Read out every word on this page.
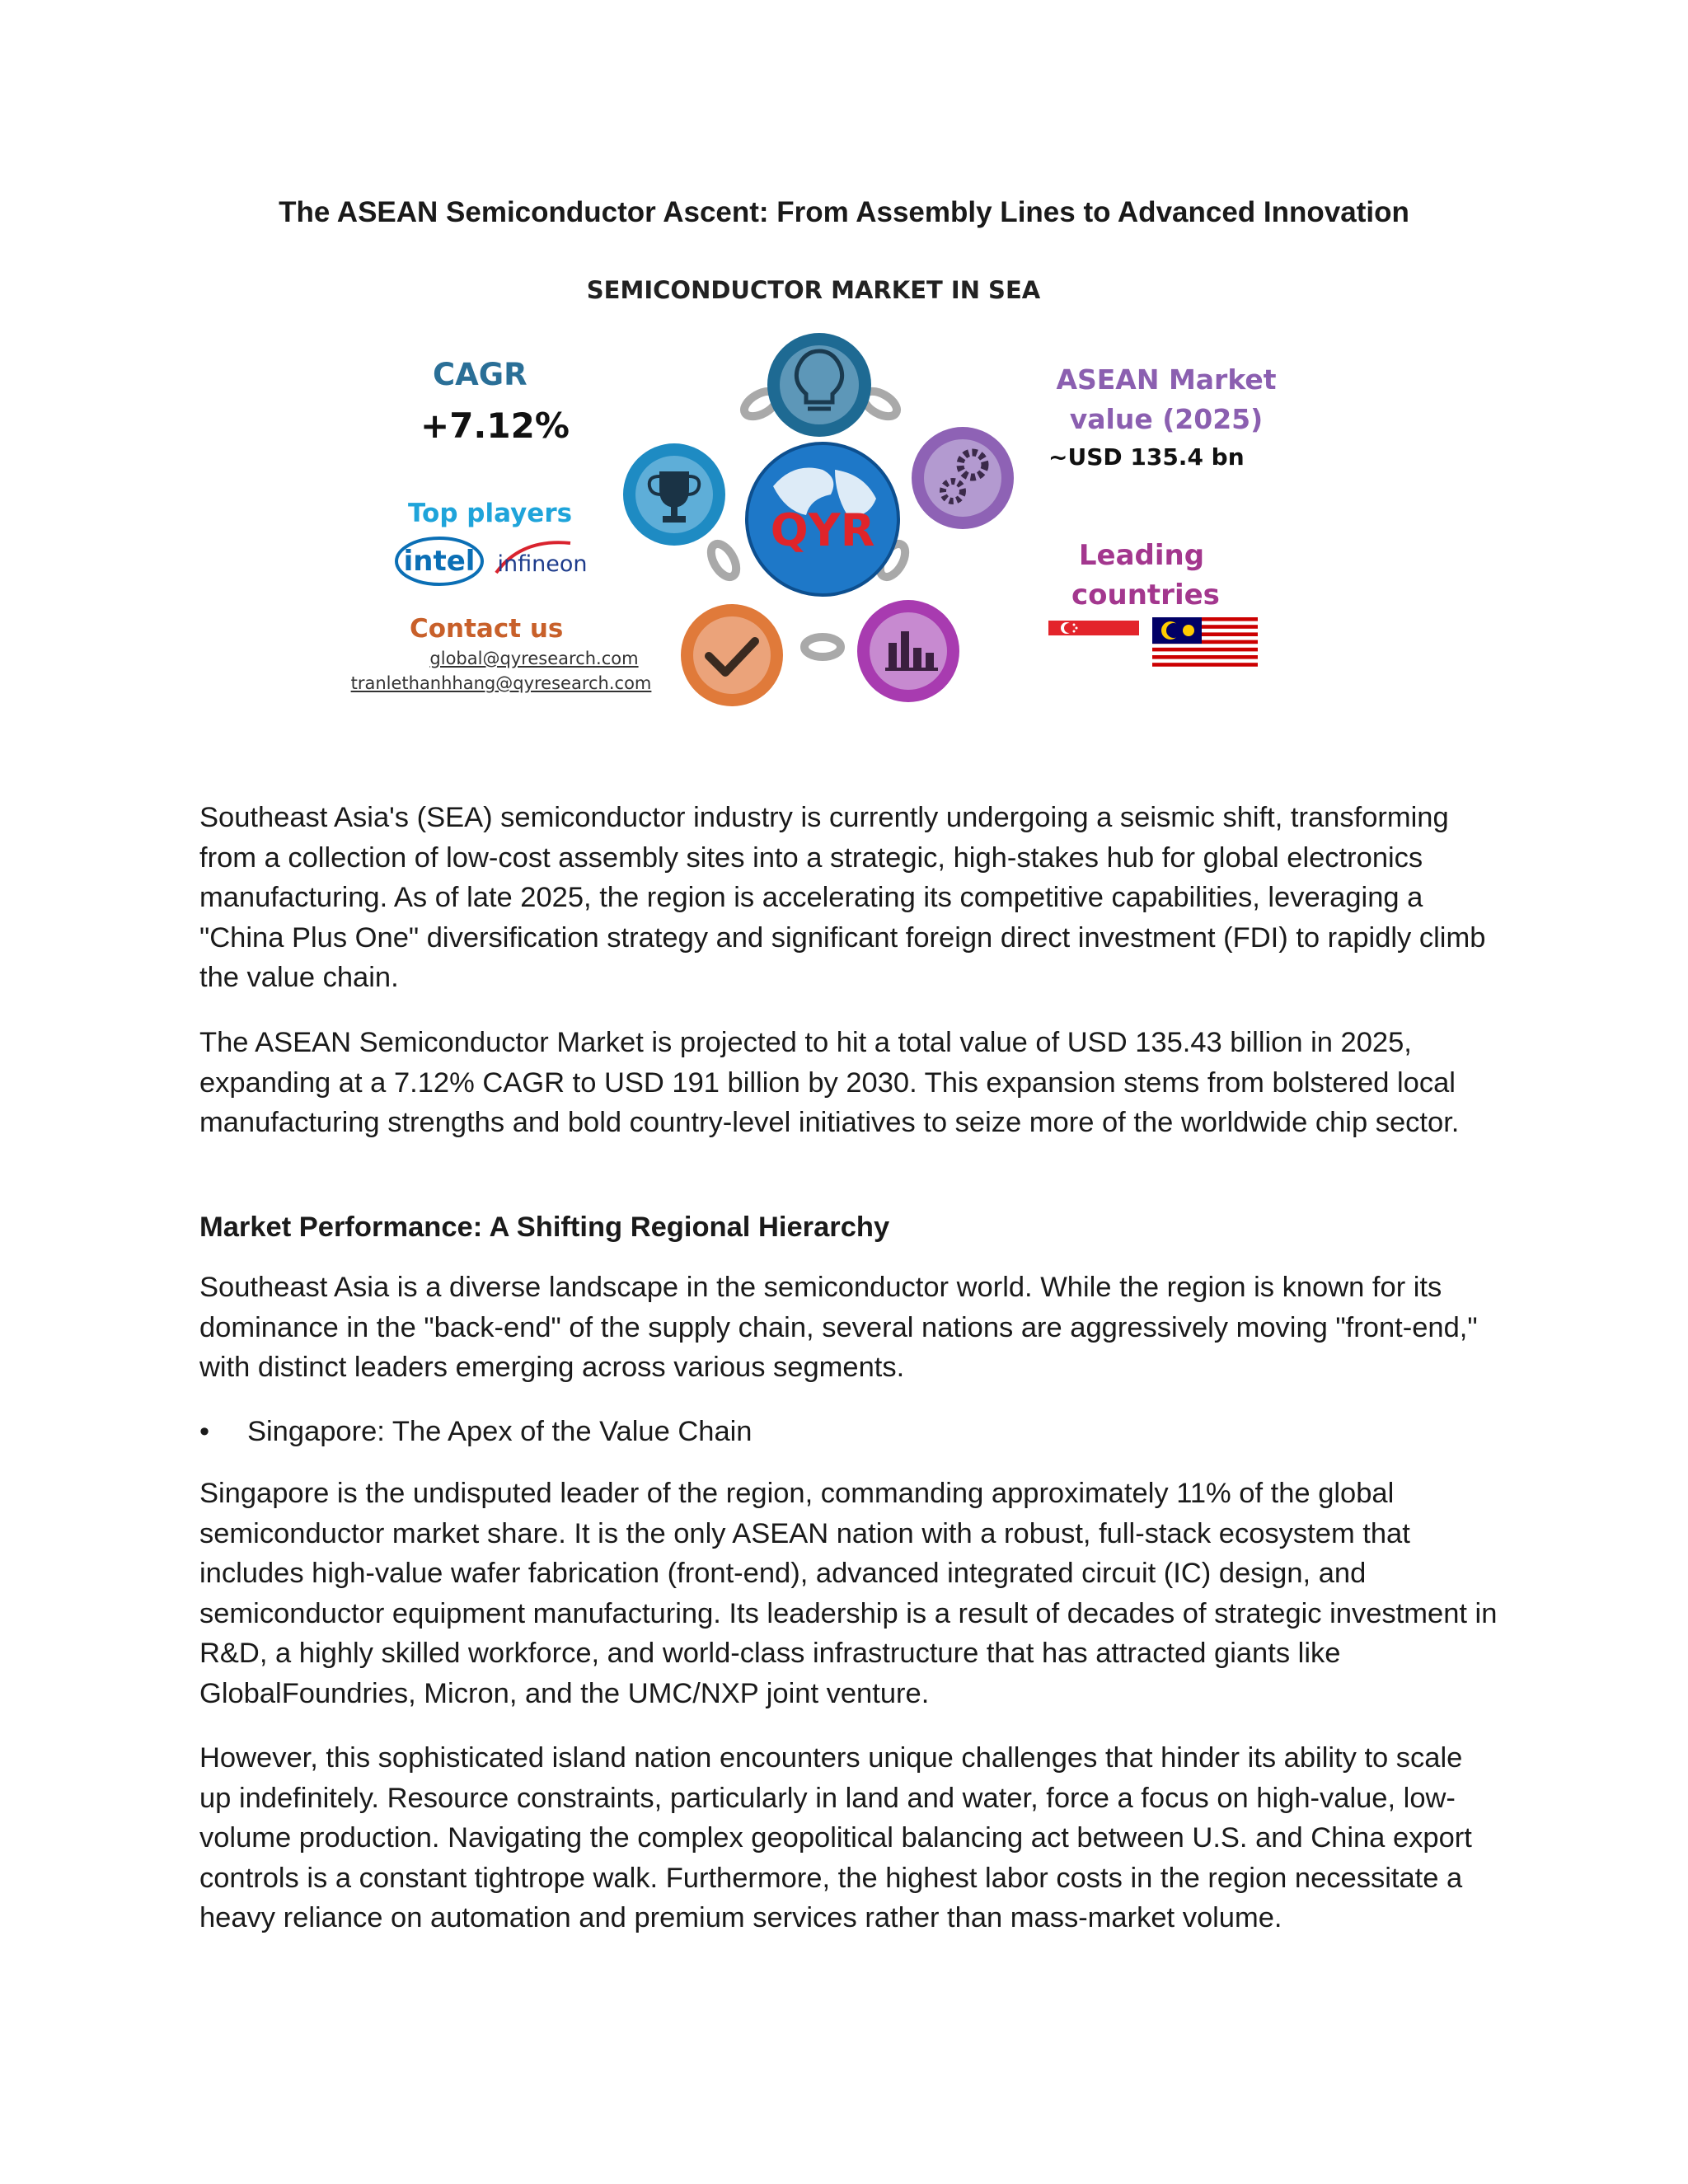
The ASEAN Semiconductor Ascent: From Assembly Lines to Advanced Innovation
SEMICONDUCTOR MARKET IN SEA
CAGR
+7.12%
Top players
intel infineon
Contact us
global@qyresearch.com
tranlethanhhang@qyresearch.com
QYR
ASEAN Market
value (2025)
~USD 135.4 bn
Leading
countries

Southeast Asia's (SEA) semiconductor industry is currently undergoing a seismic shift, transforming from a collection of low-cost assembly sites into a strategic, high-stakes hub for global electronics manufacturing. As of late 2025, the region is accelerating its competitive capabilities, leveraging a "China Plus One" diversification strategy and significant foreign direct investment (FDI) to rapidly climb the value chain.

The ASEAN Semiconductor Market is projected to hit a total value of USD 135.43 billion in 2025, expanding at a 7.12% CAGR to USD 191 billion by 2030. This expansion stems from bolstered local manufacturing strengths and bold country-level initiatives to seize more of the worldwide chip sector.

Market Performance: A Shifting Regional Hierarchy

Southeast Asia is a diverse landscape in the semiconductor world. While the region is known for its dominance in the "back-end" of the supply chain, several nations are aggressively moving "front-end," with distinct leaders emerging across various segments.

• Singapore: The Apex of the Value Chain

Singapore is the undisputed leader of the region, commanding approximately 11% of the global semiconductor market share. It is the only ASEAN nation with a robust, full-stack ecosystem that includes high-value wafer fabrication (front-end), advanced integrated circuit (IC) design, and semiconductor equipment manufacturing. Its leadership is a result of decades of strategic investment in R&D, a highly skilled workforce, and world-class infrastructure that has attracted giants like GlobalFoundries, Micron, and the UMC/NXP joint venture.

However, this sophisticated island nation encounters unique challenges that hinder its ability to scale up indefinitely. Resource constraints, particularly in land and water, force a focus on high-value, low-volume production. Navigating the complex geopolitical balancing act between U.S. and China export controls is a constant tightrope walk. Furthermore, the highest labor costs in the region necessitate a heavy reliance on automation and premium services rather than mass-market volume.
